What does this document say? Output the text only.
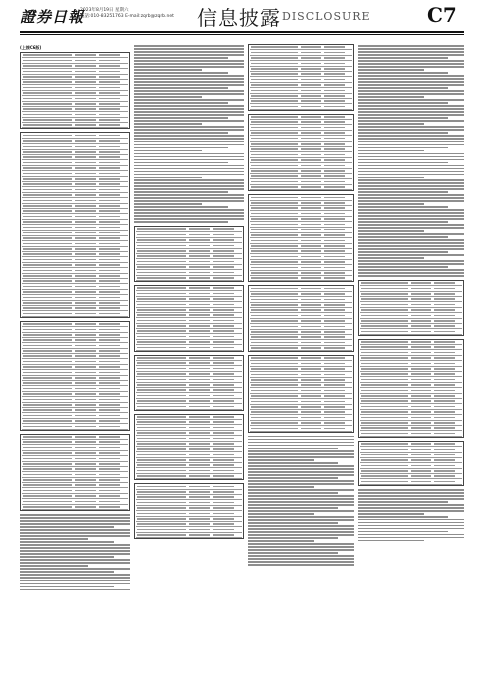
證券日報
2023年8月19日 星期六
電話:010-83251763 E-mail:zqrb@zqrb.net 信息披露 DISCLOSURE	C7
(上接C6版)
